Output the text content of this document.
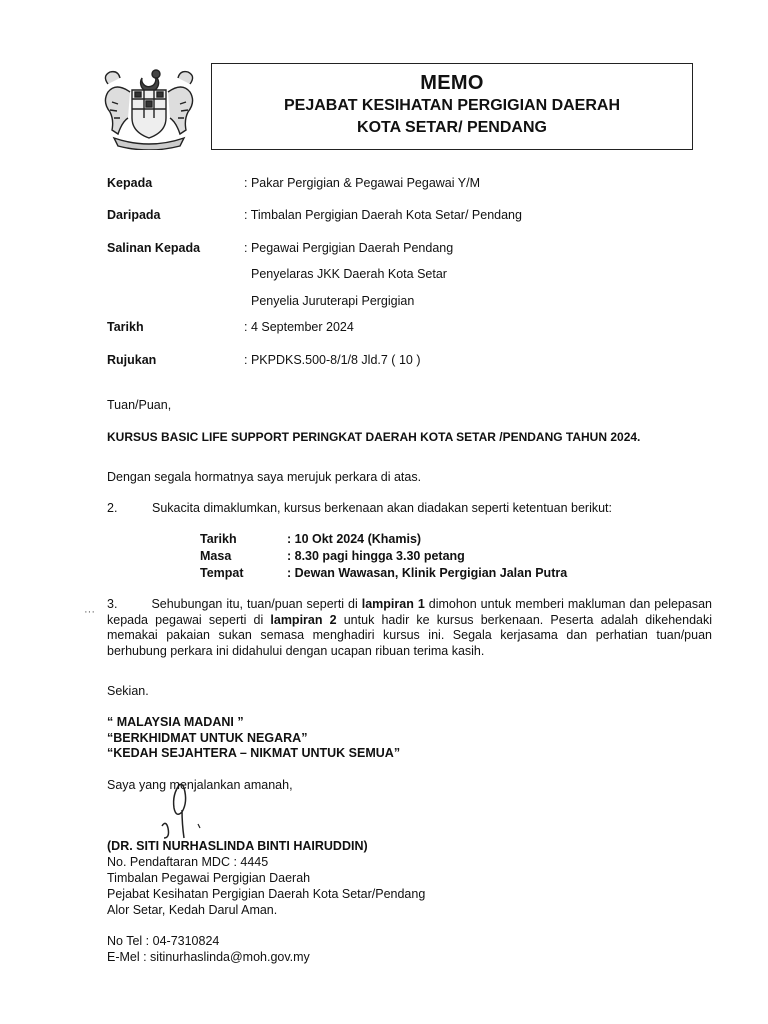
MEMO
PEJABAT KESIHATAN PERGIGIAN DAERAH
KOTA SETAR/ PENDANG
Kepada	: Pakar Pergigian & Pegawai Pegawai Y/M
Daripada	: Timbalan Pergigian Daerah Kota Setar/ Pendang
Salinan Kepada	: Pegawai Pergigian Daerah Pendang
Penyelaras JKK Daerah Kota Setar
Penyelia Juruterapi Pergigian
Tarikh	: 4 September 2024
Rujukan	: PKPDKS.500-8/1/8 Jld.7 ( 10 )
Tuan/Puan,
KURSUS BASIC LIFE SUPPORT PERINGKAT DAERAH KOTA SETAR /PENDANG TAHUN 2024.
Dengan segala hormatnya saya merujuk perkara di atas.
2.	Sukacita dimaklumkan, kursus berkenaan akan diadakan seperti ketentuan berikut:
Tarikh	: 10 Okt 2024 (Khamis)
Masa	: 8.30 pagi hingga 3.30 petang
Tempat	: Dewan Wawasan, Klinik Pergigian Jalan Putra
···
3.	Sehubungan itu, tuan/puan seperti di lampiran 1 dimohon untuk memberi makluman dan pelepasan kepada pegawai seperti di lampiran 2 untuk hadir ke kursus berkenaan. Peserta adalah dikehendaki memakai pakaian sukan semasa menghadiri kursus ini. Segala kerjasama dan perhatian tuan/puan berhubung perkara ini didahului dengan ucapan ribuan terima kasih.
Sekian.
“ MALAYSIA MADANI ”
“BERKHIDMAT UNTUK NEGARA”
“KEDAH SEJAHTERA – NIKMAT UNTUK SEMUA”
Saya yang menjalankan amanah,
(DR. SITI NURHASLINDA BINTI HAIRUDDIN)
No. Pendaftaran MDC : 4445
Timbalan Pegawai Pergigian Daerah
Pejabat Kesihatan Pergigian Daerah Kota Setar/Pendang
Alor Setar, Kedah Darul Aman.
No Tel : 04-7310824
E-Mel : sitinurhaslinda@moh.gov.my
